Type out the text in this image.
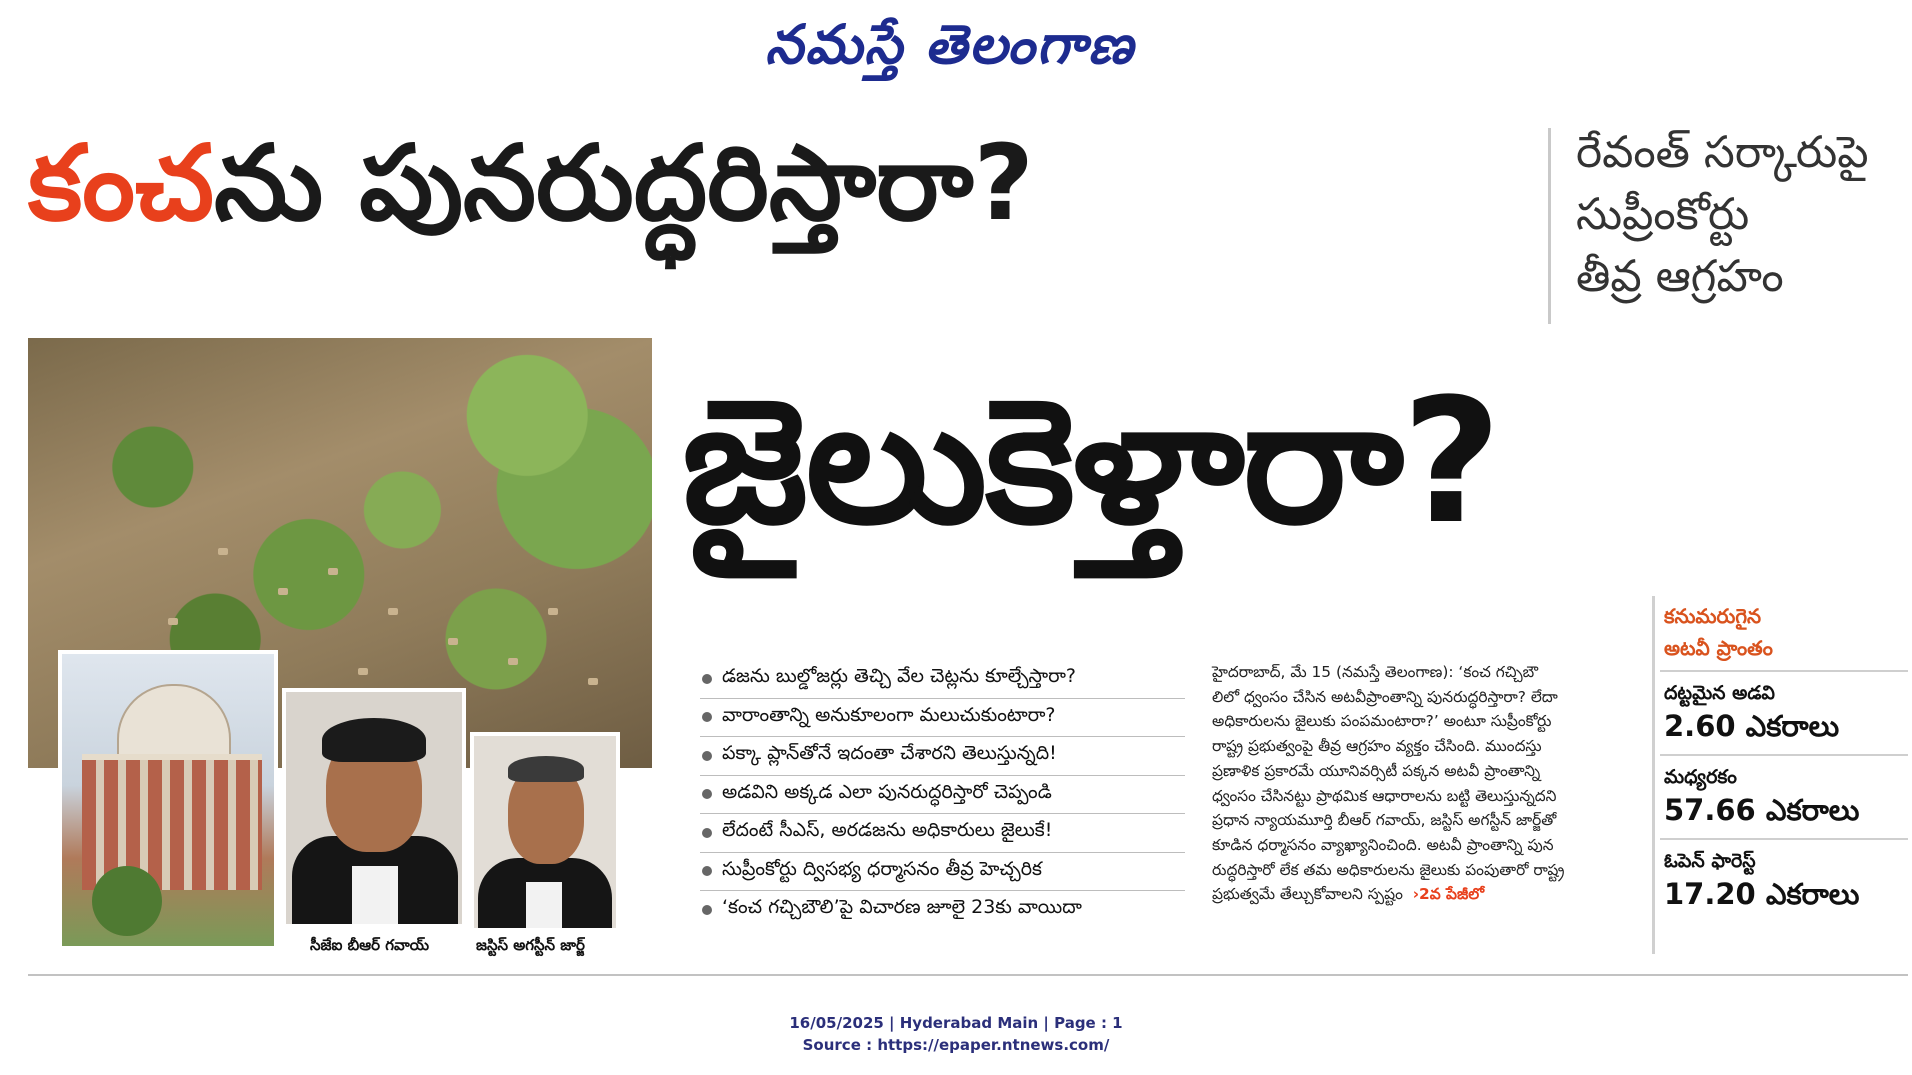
నమస్తే తెలంగాణ
కంచను పునరుద్ధరిస్తారా?	రేవంత్ సర్కారుపై
సుప్రీంకోర్టు
తీవ్ర ఆగ్రహం
జైలుకెళ్తారా?
సీజేఐ బీఆర్ గవాయ్	జస్టిస్ అగస్టీన్ జార్జ్
డజను బుల్డోజర్లు తెచ్చి వేల చెట్లను కూల్చేస్తారా?
వారాంతాన్ని అనుకూలంగా మలుచుకుంటారా?
పక్కా ప్లాన్‌తోనే ఇదంతా చేశారని తెలుస్తున్నది!
అడవిని అక్కడ ఎలా పునరుద్ధరిస్తారో చెప్పండి
లేదంటే సీఎస్, అరడజను అధికారులు జైలుకే!
సుప్రీంకోర్టు ద్విసభ్య ధర్మాసనం తీవ్ర హెచ్చరిక
‘కంచ గచ్చిబౌలి’పై విచారణ జూలై 23కు వాయిదా
హైదరాబాద్, మే 15 (నమస్తే తెలంగాణ): ‘కంచ గచ్చిబౌ
లిలో ధ్వంసం చేసిన అటవీప్రాంతాన్ని పునరుద్ధరిస్తారా? లేదా
అధికారులను జైలుకు పంపమంటారా?’ అంటూ సుప్రీంకోర్టు
రాష్ట్ర ప్రభుత్వంపై తీవ్ర ఆగ్రహం వ్యక్తం చేసింది. ముందస్తు
ప్రణాళిక ప్రకారమే యూనివర్సిటీ పక్కన అటవీ ప్రాంతాన్ని
ధ్వంసం చేసినట్టు ప్రాథమిక ఆధారాలను బట్టి తెలుస్తున్నదని
ప్రధాన న్యాయమూర్తి బీఆర్ గవాయ్, జస్టిస్ అగస్టీన్ జార్జ్‌తో
కూడిన ధర్మాసనం వ్యాఖ్యానించింది. అటవీ ప్రాంతాన్ని పున
రుద్ధరిస్తారో లేక తమ అధికారులను జైలుకు పంపుతారో రాష్ట్ర
ప్రభుత్వమే తేల్చుకోవాలని స్పష్టం ›2వ పేజీలో
కనుమరుగైన
అటవీ ప్రాంతం
దట్టమైన అడవి
2.60 ఎకరాలు
మధ్యరకం
57.66 ఎకరాలు
ఓపెన్ ఫారెస్ట్
17.20 ఎకరాలు
16/05/2025 | Hyderabad Main | Page : 1
Source : https://epaper.ntnews.com/
